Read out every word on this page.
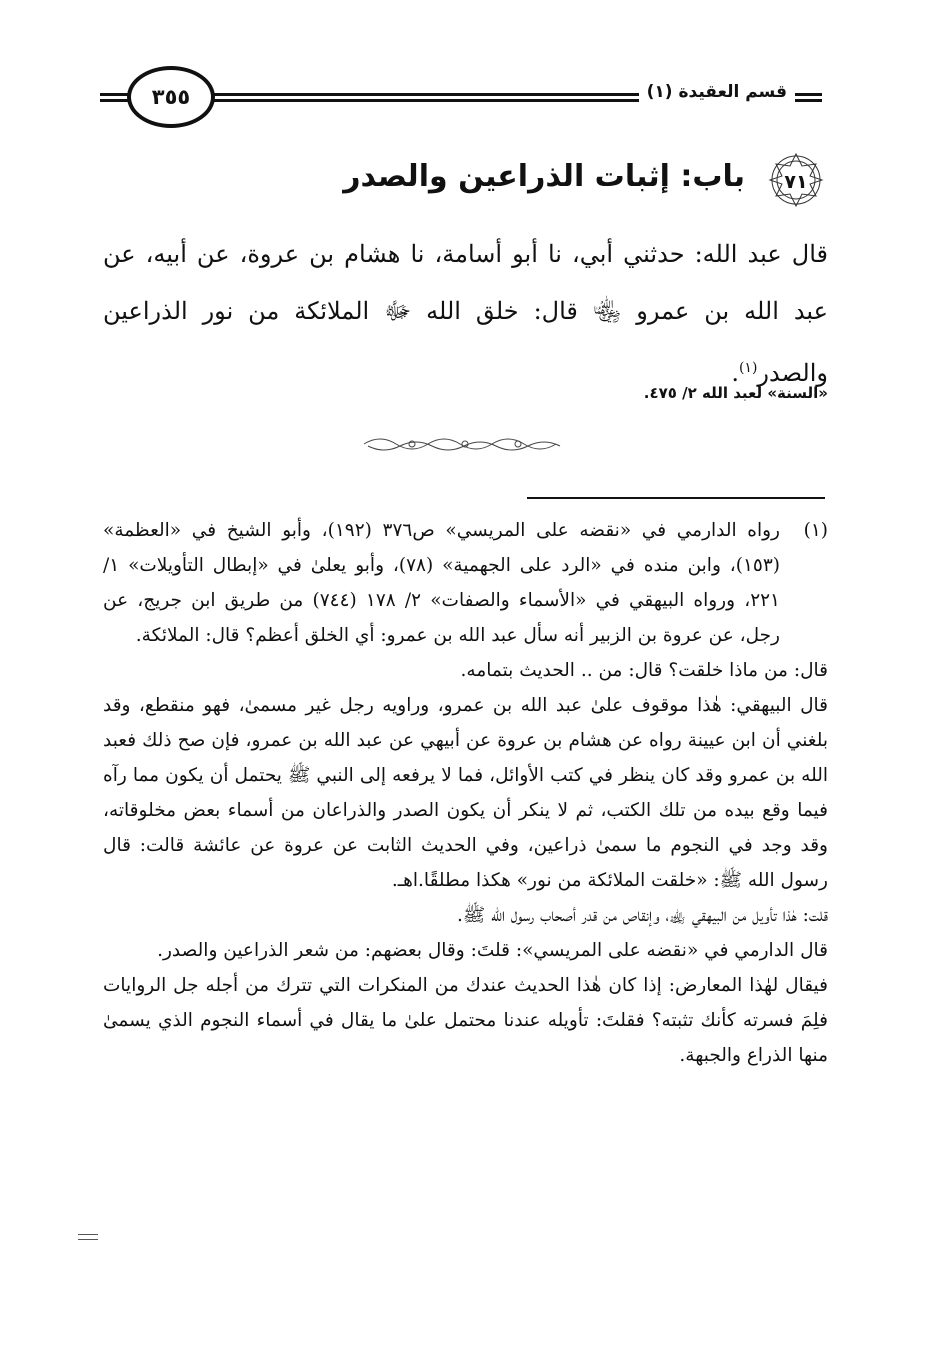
قسم العقيدة (١)
٣٥٥
٧١
باب: إثبات الذراعين والصدر

قال عبد الله: حدثني أبي، نا أبو أسامة، نا هشام بن عروة، عن أبيه، عن عبد الله بن عمرو ﵄ قال: خلق الله ﷻ الملائكة من نور الذراعين والصدر$^{(١)}$.

«السنة» لعبد الله ٢/ ٤٧٥.
(١)
رواه الدارمي في «نقضه على المريسي» ص٣٧٦ (١٩٢)، وأبو الشيخ في «العظمة» (١٥٣)، وابن منده في «الرد على الجهمية» (٧٨)، وأبو يعلىٰ في «إبطال التأويلات» ١/ ٢٢١، ورواه البيهقي في «الأسماء والصفات» ٢/ ١٧٨ (٧٤٤) من طريق ابن جريج، عن رجل، عن عروة بن الزبير أنه سأل عبد الله بن عمرو: أي الخلق أعظم؟ قال: الملائكة.

قال: من ماذا خلقت؟ قال: من .. الحديث بتمامه.

قال البيهقي: هٰذا موقوف علىٰ عبد الله بن عمرو، وراويه رجل غير مسمىٰ، فهو منقطع، وقد بلغني أن ابن عيينة رواه عن هشام بن عروة عن أبيهي عن عبد الله بن عمرو، فإن صح ذلك فعبد الله بن عمرو وقد كان ينظر في كتب الأوائل، فما لا يرفعه إلى النبي ﷺ يحتمل أن يكون مما رآه فيما وقع بيده من تلك الكتب، ثم لا ينكر أن يكون الصدر والذراعان من أسماء بعض مخلوقاته، وقد وجد في النجوم ما سمىٰ ذراعين، وفي الحديث الثابت عن عروة عن عائشة قالت: قال رسول الله ﷺ: «خلقت الملائكة من نور» هكذا مطلقًا.اهـ.

قلت: هٰذا تأويل من البيهقي ﵀، وإنقاص من قدر أصحاب رسول الله ﷺ.

قال الدارمي في «نقضه على المريسي»: قلتَ: وقال بعضهم: من شعر الذراعين والصدر.

فيقال لهٰذا المعارض: إذا كان هٰذا الحديث عندك من المنكرات التي تترك من أجله جل الروايات فلِمَ فسرته كأنك تثبته؟ فقلتَ: تأويله عندنا محتمل علىٰ ما يقال في أسماء النجوم الذي يسمىٰ منها الذراع والجبهة.
